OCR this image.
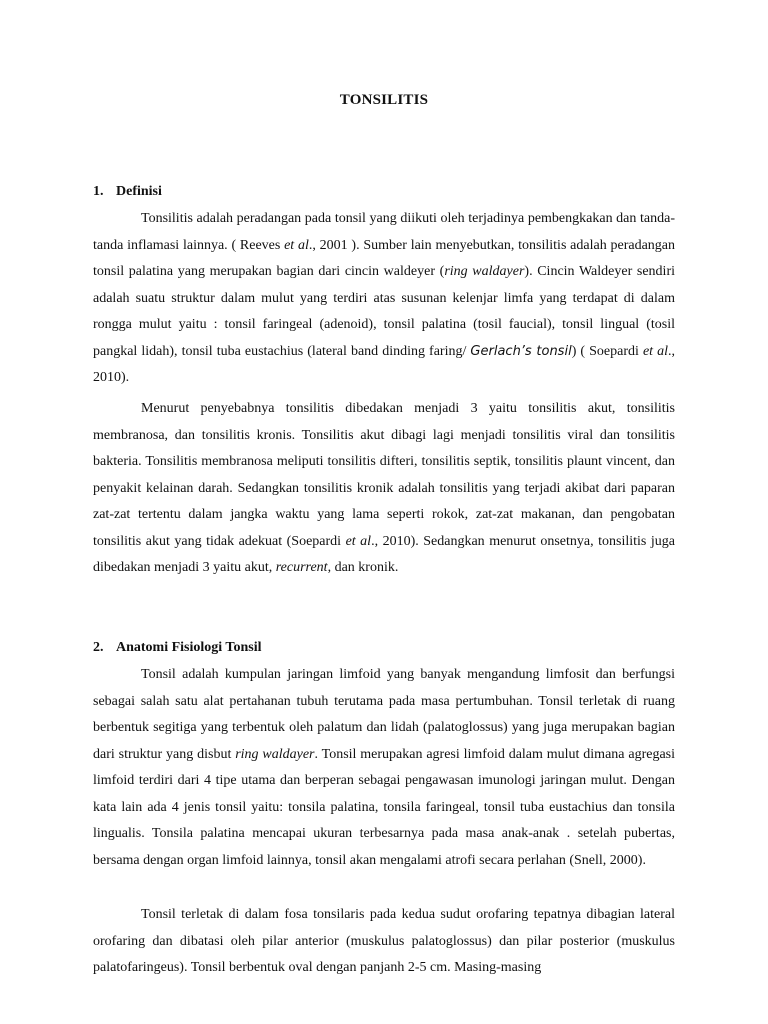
TONSILITIS
1. Definisi

Tonsilitis adalah peradangan pada tonsil yang diikuti oleh terjadinya pembengkakan dan tanda-tanda inflamasi lainnya. ( Reeves et al., 2001 ). Sumber lain menyebutkan, tonsilitis adalah peradangan tonsil palatina yang merupakan bagian dari cincin waldeyer (ring waldayer). Cincin Waldeyer sendiri adalah suatu struktur dalam mulut yang terdiri atas susunan kelenjar limfa yang terdapat di dalam rongga mulut yaitu : tonsil faringeal (adenoid), tonsil palatina (tosil faucial), tonsil lingual (tosil pangkal lidah), tonsil tuba eustachius (lateral band dinding faring/ Gerlach’s tonsil) ( Soepardi et al., 2010).

Menurut penyebabnya tonsilitis dibedakan menjadi 3 yaitu tonsilitis akut, tonsilitis membranosa, dan tonsilitis kronis. Tonsilitis akut dibagi lagi menjadi tonsilitis viral dan tonsilitis bakteria. Tonsilitis membranosa meliputi tonsilitis difteri, tonsilitis septik, tonsilitis plaunt vincent, dan penyakit kelainan darah. Sedangkan tonsilitis kronik adalah tonsilitis yang terjadi akibat dari paparan zat-zat tertentu dalam jangka waktu yang lama seperti rokok, zat-zat makanan, dan pengobatan tonsilitis akut yang tidak adekuat (Soepardi et al., 2010). Sedangkan menurut onsetnya, tonsilitis juga dibedakan menjadi 3 yaitu akut, recurrent, dan kronik.

2. Anatomi Fisiologi Tonsil

Tonsil adalah kumpulan jaringan limfoid yang banyak mengandung limfosit dan berfungsi sebagai salah satu alat pertahanan tubuh terutama pada masa pertumbuhan. Tonsil terletak di ruang berbentuk segitiga yang terbentuk oleh palatum dan lidah (palatoglossus) yang juga merupakan bagian dari struktur yang disbut ring waldayer. Tonsil merupakan agresi limfoid dalam mulut dimana agregasi limfoid terdiri dari 4 tipe utama dan berperan sebagai pengawasan imunologi jaringan mulut. Dengan kata lain ada 4 jenis tonsil yaitu: tonsila palatina, tonsila faringeal, tonsil tuba eustachius dan tonsila lingualis. Tonsila palatina mencapai ukuran terbesarnya pada masa anak-anak . setelah pubertas, bersama dengan organ limfoid lainnya, tonsil akan mengalami atrofi secara perlahan (Snell, 2000).

Tonsil terletak di dalam fosa tonsilaris pada kedua sudut orofaring tepatnya dibagian lateral orofaring dan dibatasi oleh pilar anterior (muskulus palatoglossus) dan pilar posterior (muskulus palatofaringeus). Tonsil berbentuk oval dengan panjanh 2-5 cm. Masing-masing
